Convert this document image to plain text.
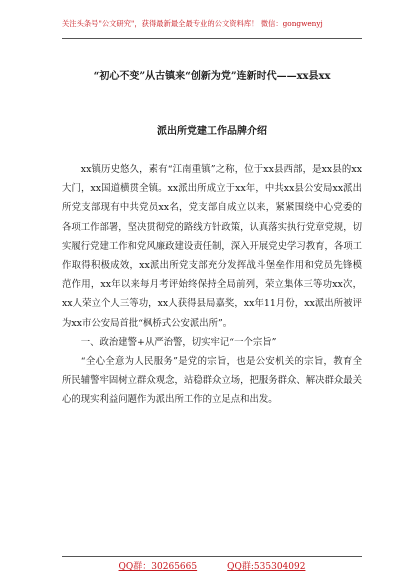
关注头条号"公文研究"，获得最新最全最专业的公文资料库！ 微信：gongwenyj
“初心不变”从古镇来“创新为党”连新时代——xx县xx
派出所党建工作品牌介绍

xx镇历史悠久，素有“江南重镇”之称，位于xx县西部，是xx县的xx大门，xx国道横贯全镇。xx派出所成立于xx年，中共xx县公安局xx派出所党支部现有中共党员xx名，党支部自成立以来，紧紧围绕中心党委的各项工作部署，坚决贯彻党的路线方针政策，认真落实执行党章党规，切实履行党建工作和党风廉政建设责任制，深入开展党史学习教育，各项工作取得积极成效，xx派出所党支部充分发挥战斗堡垒作用和党员先锋模范作用，xx年以来每月考评始终保持全局前列，荣立集体三等功xx次，xx人荣立个人三等功，xx人获得县局嘉奖，xx年11月份，xx派出所被评为xx市公安局首批“枫桥式公安派出所”。

一、政治建警+从严治警，切实牢记“一个宗旨”

“全心全意为人民服务”是党的宗旨，也是公安机关的宗旨，教育全所民辅警牢固树立群众观念，站稳群众立场，把服务群众、解决群众最关心的现实利益问题作为派出所工作的立足点和出发。

QQ群：30265665	QQ群:535304092
